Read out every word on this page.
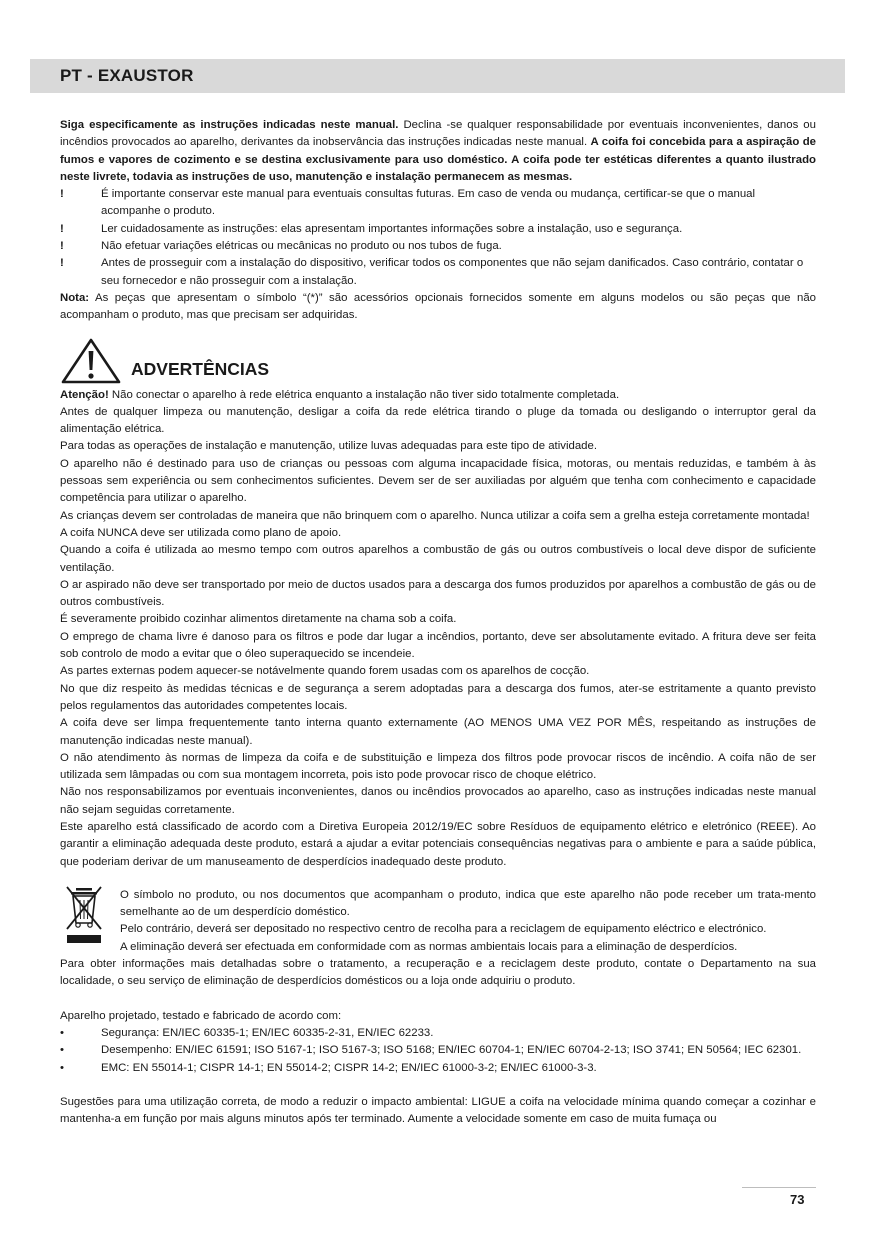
PT - EXAUSTOR

Siga especificamente as instruções indicadas neste manual. Declina -se qualquer responsabilidade por eventuais inconvenientes, danos ou incêndios provocados ao aparelho, derivantes da inobservância das instruções indicadas neste manual. A coifa foi concebida para a aspiração de fumos e vapores de cozimento e se destina exclusivamente para uso doméstico. A coifa pode ter estéticas diferentes a quanto ilustrado neste livrete, todavia as instruções de uso, manutenção e instalação permanecem as mesmas.

!	É importante conservar este manual para eventuais consultas futuras. Em caso de venda ou mudança, certificar-se que o manual acompanhe o produto.
!	Ler cuidadosamente as instruções: elas apresentam importantes informações sobre a instalação, uso e segurança.
!	Não efetuar variações elétricas ou mecânicas no produto ou nos tubos de fuga.
!	Antes de prosseguir com a instalação do dispositivo, verificar todos os componentes que não sejam danificados. Caso contrário, contatar o seu fornecedor e não prosseguir com a instalação.

Nota: As peças que apresentam o símbolo “(*)” são acessórios opcionais fornecidos somente em alguns modelos ou são peças que não acompanham o produto, mas que precisam ser adquiridas.

ADVERTÊNCIAS

Atenção! Não conectar o aparelho à rede elétrica enquanto a instalação não tiver sido totalmente completada.

Antes de qualquer limpeza ou manutenção, desligar a coifa da rede elétrica tirando o pluge da tomada ou desligando o interruptor geral da alimentação elétrica.

Para todas as operações de instalação e manutenção, utilize luvas adequadas para este tipo de atividade.

O aparelho não é destinado para uso de crianças ou pessoas com alguma incapacidade física, motoras, ou mentais reduzidas, e também à às pessoas sem experiência ou sem conhecimentos suficientes. Devem ser de ser auxiliadas por alguém que tenha com conhecimento e capacidade competência para utilizar o aparelho.

As crianças devem ser controladas de maneira que não brinquem com o aparelho. Nunca utilizar a coifa sem a grelha esteja corretamente montada!

A coifa NUNCA deve ser utilizada como plano de apoio.

Quando a coifa é utilizada ao mesmo tempo com outros aparelhos a combustão de gás ou outros combustíveis o local deve dispor de suficiente ventilação.

O ar aspirado não deve ser transportado por meio de ductos usados para a descarga dos fumos produzidos por aparelhos a combustão de gás ou de outros combustíveis.

É severamente proibido cozinhar alimentos diretamente na chama sob a coifa.

O emprego de chama livre é danoso para os filtros e pode dar lugar a incêndios, portanto, deve ser absolutamente evitado. A fritura deve ser feita sob controlo de modo a evitar que o óleo superaquecido se incendeie.

As partes externas podem aquecer-se notávelmente quando forem usadas com os aparelhos de cocção.

No que diz respeito às medidas técnicas e de segurança a serem adoptadas para a descarga dos fumos, ater-se estritamente a quanto previsto pelos regulamentos das autoridades competentes locais.

A coifa deve ser limpa frequentemente tanto interna quanto externamente (AO MENOS UMA VEZ POR MÊS, respeitando as instruções de manutenção indicadas neste manual).

O não atendimento às normas de limpeza da coifa e de substituição e limpeza dos filtros pode provocar riscos de incêndio. A coifa não de ser utilizada sem lâmpadas ou com sua montagem incorreta, pois isto pode provocar risco de choque elétrico.

Não nos responsabilizamos por eventuais inconvenientes, danos ou incêndios provocados ao aparelho, caso as instruções indicadas neste manual não sejam seguidas corretamente.

Este aparelho está classificado de acordo com a Diretiva Europeia 2012/19/EC sobre Resíduos de equipamento elétrico e eletrónico (REEE). Ao garantir a eliminação adequada deste produto, estará a ajudar a evitar potenciais consequências negativas para o ambiente e para a saúde pública, que poderiam derivar de um manuseamento de desperdícios inadequado deste produto.

O símbolo no produto, ou nos documentos que acompanham o produto, indica que este aparelho não pode receber um trata-mento semelhante ao de um desperdício doméstico.

Pelo contrário, deverá ser depositado no respectivo centro de recolha para a reciclagem de equipamento eléctrico e electrónico.

A eliminação deverá ser efectuada em conformidade com as normas ambientais locais para a eliminação de desperdícios.

Para obter informações mais detalhadas sobre o tratamento, a recuperação e a reciclagem deste produto, contate o Departamento na sua localidade, o seu serviço de eliminação de desperdícios domésticos ou a loja onde adquiriu o produto.

Aparelho projetado, testado e fabricado de acordo com:

•	Segurança: EN/IEC 60335-1; EN/IEC 60335-2-31, EN/IEC 62233.
•	Desempenho: EN/IEC 61591; ISO 5167-1; ISO 5167-3; ISO 5168; EN/IEC 60704-1; EN/IEC 60704-2-13; ISO 3741; EN 50564; IEC 62301.
•	EMC: EN 55014-1; CISPR 14-1; EN 55014-2; CISPR 14-2; EN/IEC 61000-3-2; EN/IEC 61000-3-3.

Sugestões para uma utilização correta, de modo a reduzir o impacto ambiental: LIGUE a coifa na velocidade mínima quando começar a cozinhar e mantenha-a em função por mais alguns minutos após ter terminado. Aumente a velocidade somente em caso de muita fumaça ou

73
